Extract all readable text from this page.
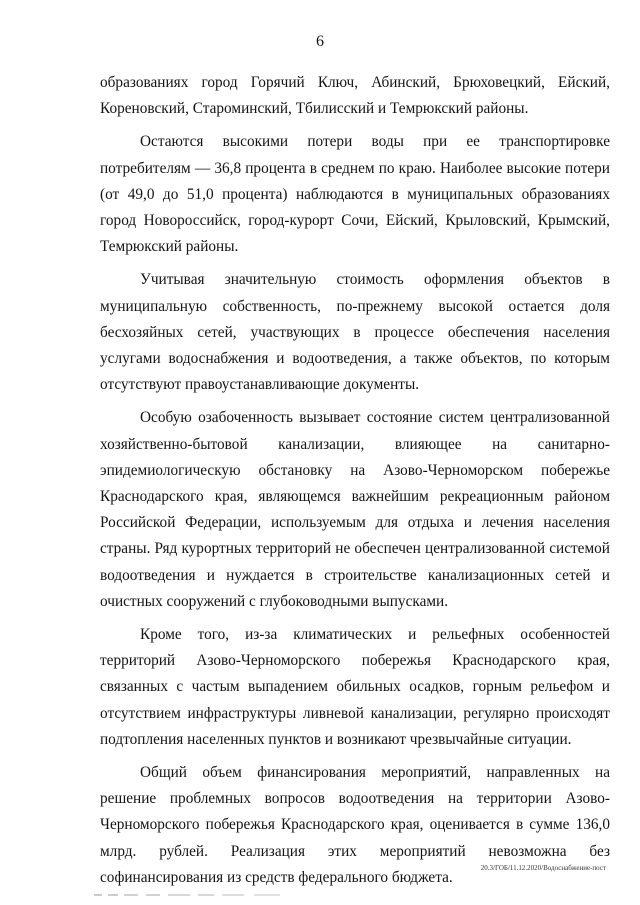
6

образованиях город Горячий Ключ, Абинский, Брюховецкий, Ейский, Кореновский, Староминский, Тбилисский и Темрюкский районы.

Остаются высокими потери воды при ее транспортировке потребителям — 36,8 процента в среднем по краю. Наиболее высокие потери (от 49,0 до 51,0 процента) наблюдаются в муниципальных образованиях город Новороссийск, город-курорт Сочи, Ейский, Крыловский, Крымский, Темрюкский районы.

Учитывая значительную стоимость оформления объектов в муниципальную собственность, по-прежнему высокой остается доля бесхозяйных сетей, участвующих в процессе обеспечения населения услугами водоснабжения и водоотведения, а также объектов, по которым отсутствуют правоустанавливающие документы.

Особую озабоченность вызывает состояние систем централизованной хозяйственно-бытовой канализации, влияющее на санитарно-эпидемиологическую обстановку на Азово-Черноморском побережье Краснодарского края, являющемся важнейшим рекреационным районом Российской Федерации, используемым для отдыха и лечения населения страны. Ряд курортных территорий не обеспечен централизованной системой водоотведения и нуждается в строительстве канализационных сетей и очистных сооружений с глубоководными выпусками.

Кроме того, из-за климатических и рельефных особенностей территорий Азово-Черноморского побережья Краснодарского края, связанных с частым выпадением обильных осадков, горным рельефом и отсутствием инфраструктуры ливневой канализации, регулярно происходят подтопления населенных пунктов и возникают чрезвычайные ситуации.

Общий объем финансирования мероприятий, направленных на решение проблемных вопросов водоотведения на территории Азово-Черноморского побережья Краснодарского края, оценивается в сумме 136,0 млрд. рублей. Реализация этих мероприятий невозможна без софинансирования из средств федерального бюджета.

20.3/ГОБ/11.12.2020/Водоснабжение-пост
